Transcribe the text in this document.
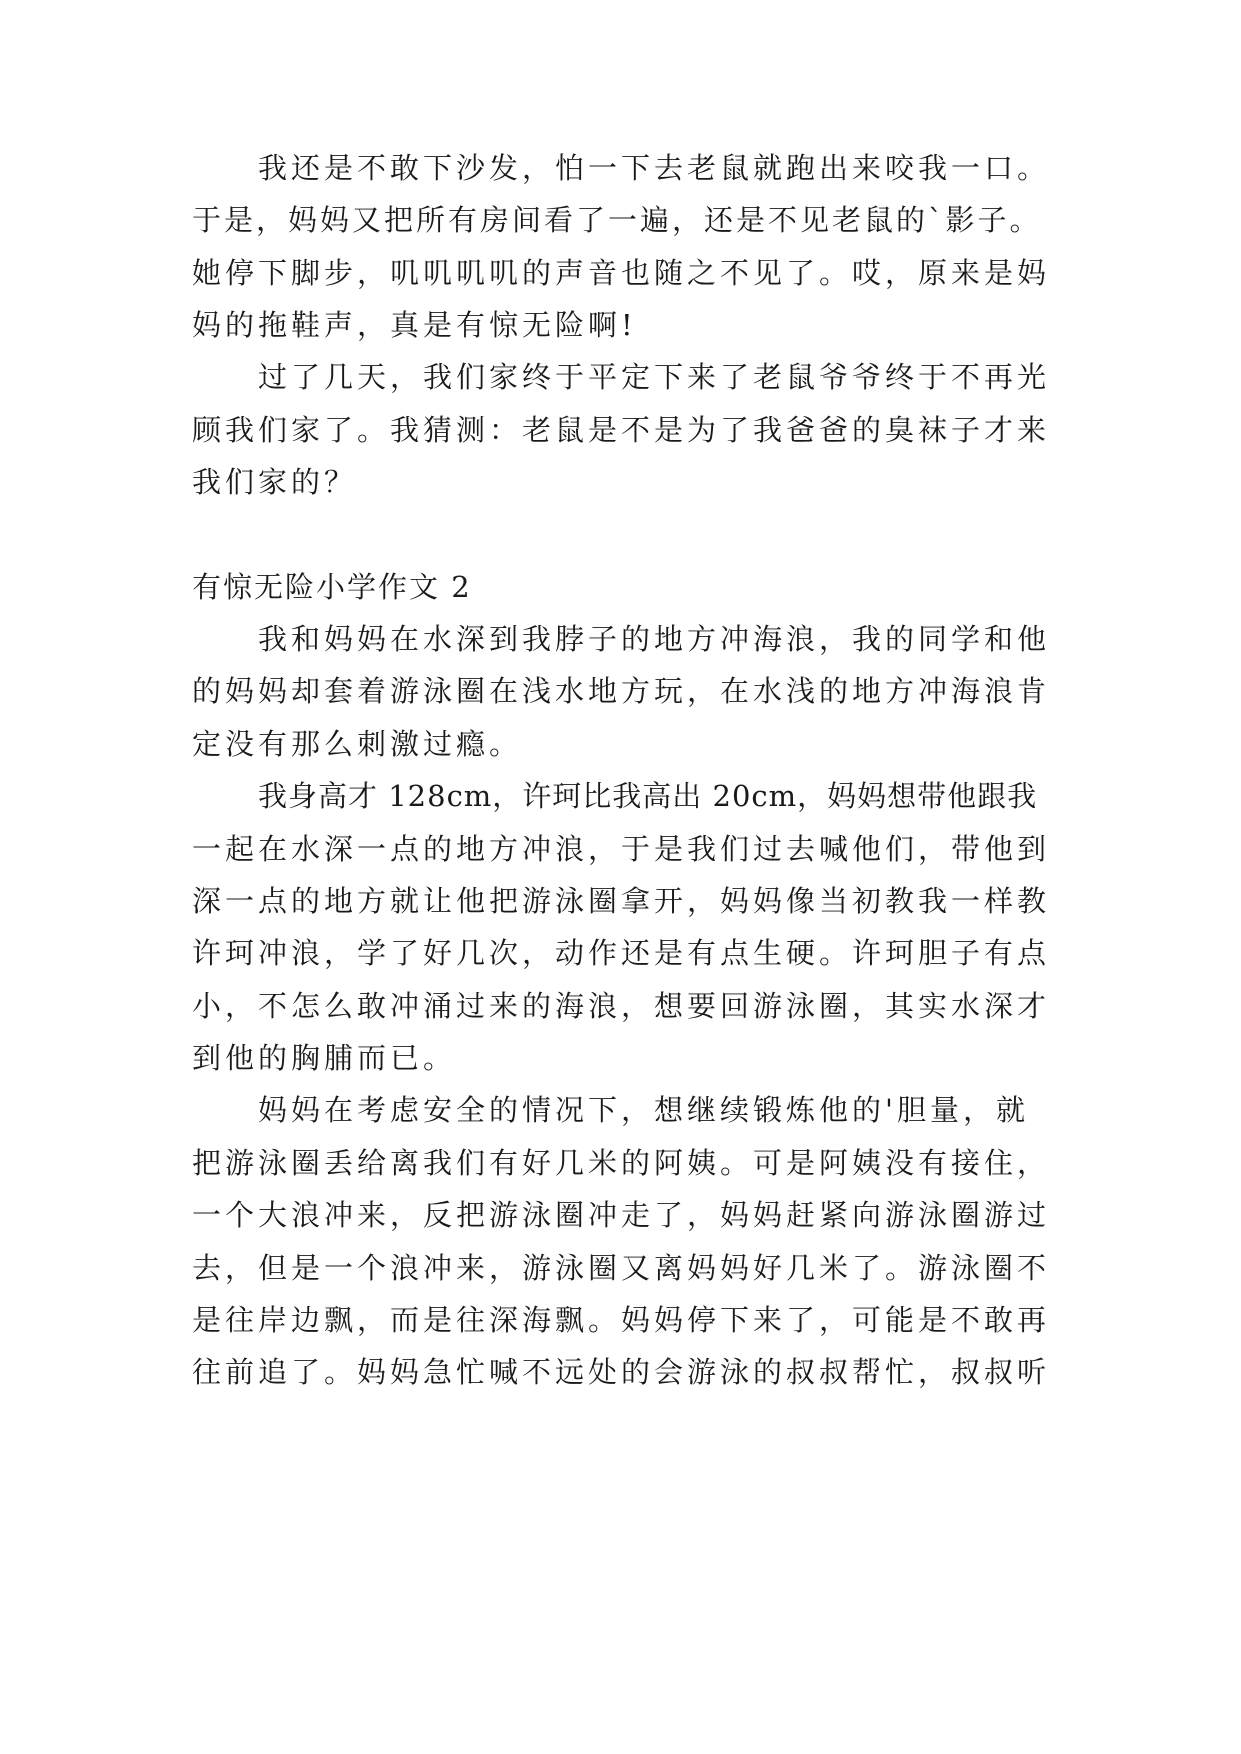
我还是不敢下沙发，怕一下去老鼠就跑出来咬我一口。
于是，妈妈又把所有房间看了一遍，还是不见老鼠的`影子。
她停下脚步，叽叽叽叽的声音也随之不见了。哎，原来是妈
妈的拖鞋声，真是有惊无险啊!
过了几天，我们家终于平定下来了老鼠爷爷终于不再光
顾我们家了。我猜测：老鼠是不是为了我爸爸的臭袜子才来
我们家的？
有惊无险小学作文 2
我和妈妈在水深到我脖子的地方冲海浪，我的同学和他
的妈妈却套着游泳圈在浅水地方玩，在水浅的地方冲海浪肯
定没有那么刺激过瘾。
我身高才 128cm，许珂比我高出 20cm，妈妈想带他跟我
一起在水深一点的地方冲浪，于是我们过去喊他们，带他到
深一点的地方就让他把游泳圈拿开，妈妈像当初教我一样教
许珂冲浪，学了好几次，动作还是有点生硬。许珂胆子有点
小，不怎么敢冲涌过来的海浪，想要回游泳圈，其实水深才
到他的胸脯而已。
妈妈在考虑安全的情况下，想继续锻炼他的'胆量，就
把游泳圈丢给离我们有好几米的阿姨。可是阿姨没有接住，
一个大浪冲来，反把游泳圈冲走了，妈妈赶紧向游泳圈游过
去，但是一个浪冲来，游泳圈又离妈妈好几米了。游泳圈不
是往岸边飘，而是往深海飘。妈妈停下来了，可能是不敢再
往前追了。妈妈急忙喊不远处的会游泳的叔叔帮忙，叔叔听
